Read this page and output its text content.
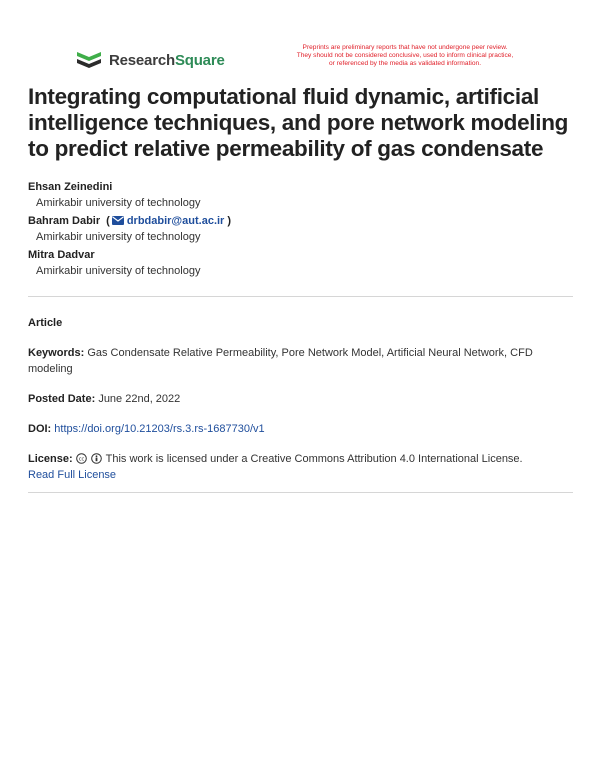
ResearchSquare
Preprints are preliminary reports that have not undergone peer review.
They should not be considered conclusive, used to inform clinical practice,
or referenced by the media as validated information.
Integrating computational fluid dynamic, artificial intelligence techniques, and pore network modeling to predict relative permeability of gas condensate
Ehsan Zeinedini
Amirkabir university of technology
Bahram Dabir ( drbdabir@aut.ac.ir )
Amirkabir university of technology
Mitra Dadvar
Amirkabir university of technology
Article
Keywords: Gas Condensate Relative Permeability, Pore Network Model, Artificial Neural Network, CFD modeling
Posted Date: June 22nd, 2022
DOI: https://doi.org/10.21203/rs.3.rs-1687730/v1
License: cc This work is licensed under a Creative Commons Attribution 4.0 International License.
Read Full License
